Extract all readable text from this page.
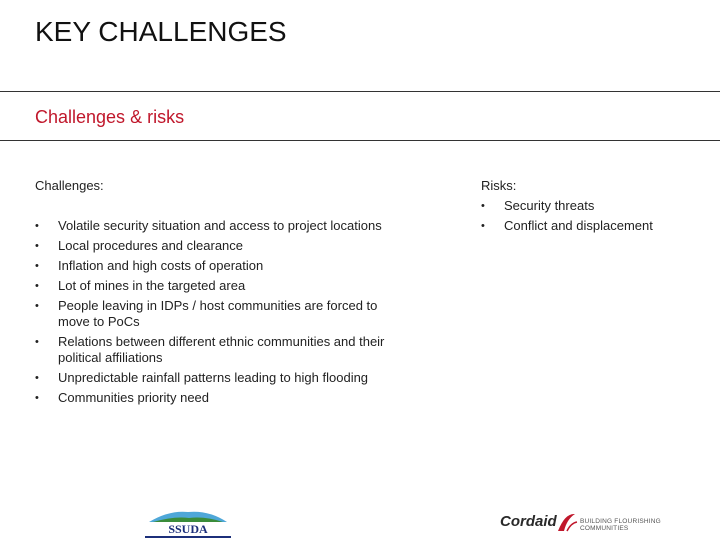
KEY CHALLENGES
Challenges & risks
Challenges:
• Volatile security situation and access to project locations
• Local procedures and clearance
• Inflation and high costs of operation
• Lot of mines in the targeted area
• People leaving in IDPs / host communities are forced to move to PoCs
• Relations between different ethnic communities and their political affiliations
• Unpredictable rainfall patterns leading to high flooding
• Communities priority need
Risks:
• Security threats
• Conflict and displacement
SSUDA	Cordaid	BUILDING FLOURISHING COMMUNITIES
